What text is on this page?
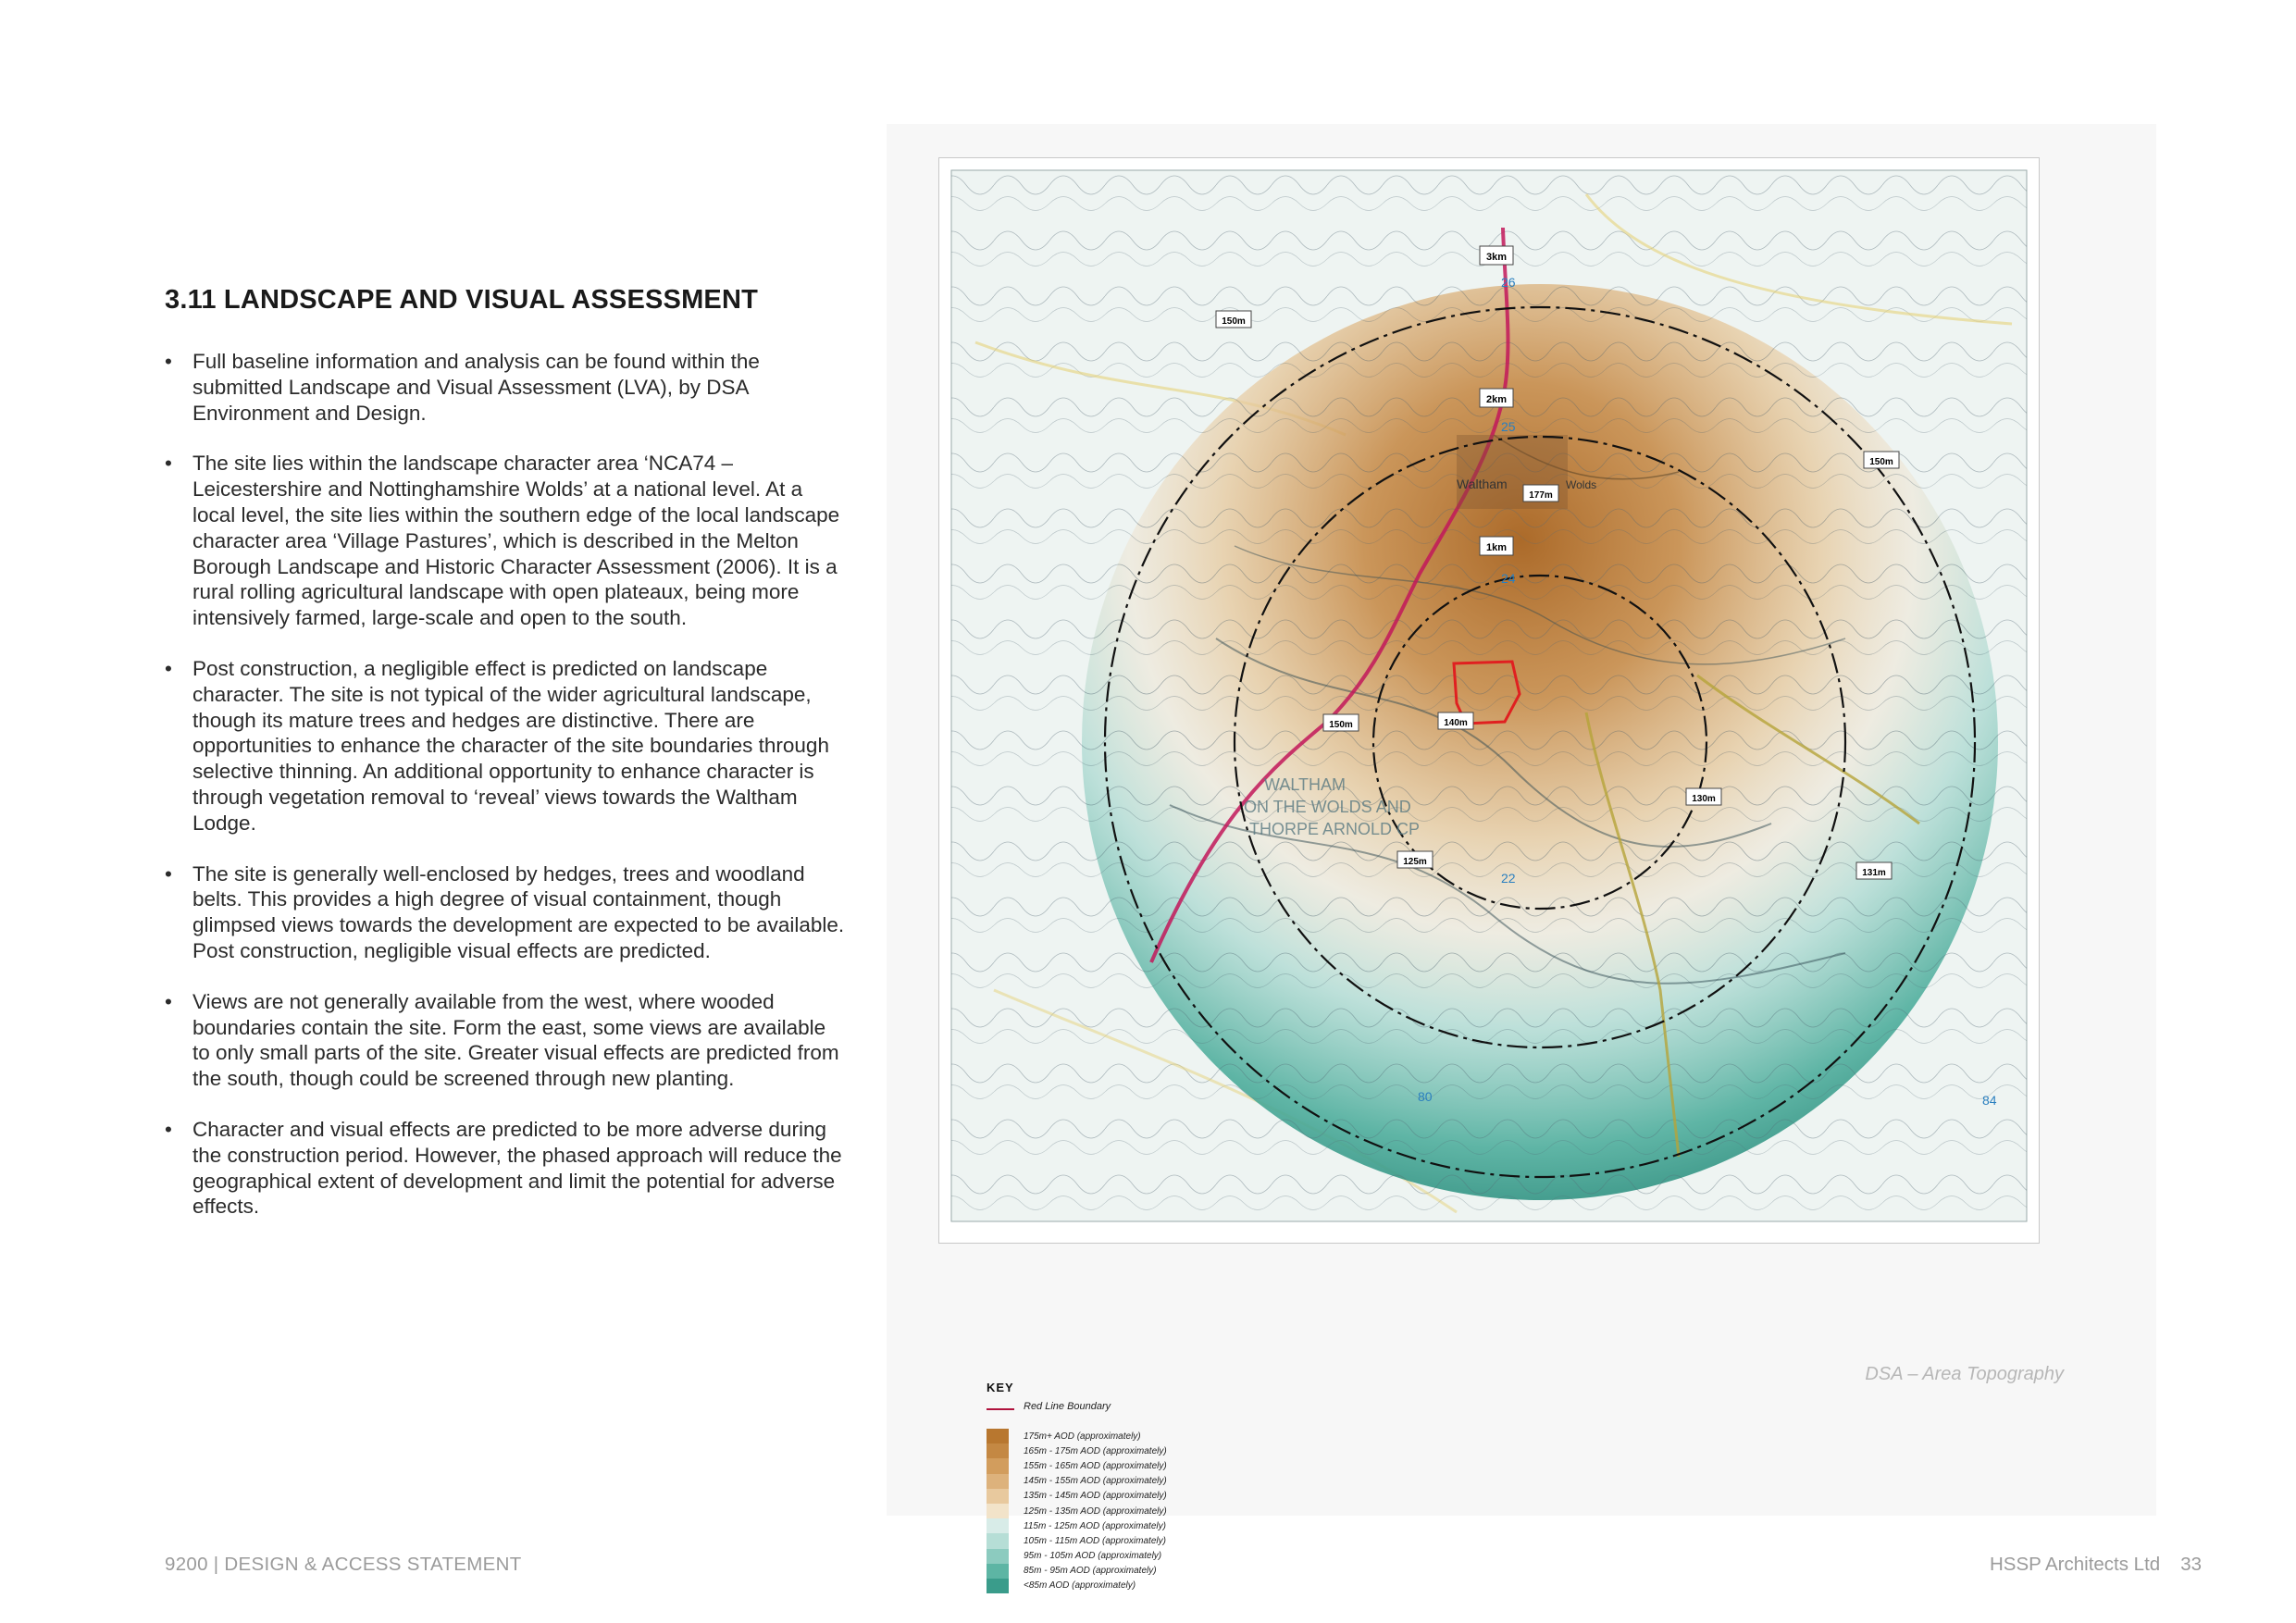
3.11 LANDSCAPE AND VISUAL ASSESSMENT
• Full baseline information and analysis can be found within the submitted Landscape and Visual Assessment (LVA), by DSA Environment and Design.
• The site lies within the landscape character area ‘NCA74 – Leicestershire and Nottinghamshire Wolds’ at a national level. At a local level, the site lies within the southern edge of the local landscape character area ‘Village Pastures’, which is described in the Melton Borough Landscape and Historic Character Assessment (2006). It is a rural rolling agricultural landscape with open plateaux, being more intensively farmed, large-scale and open to the south.
• Post construction, a negligible effect is predicted on landscape character. The site is not typical of the wider agricultural landscape, though its mature trees and hedges are distinctive. There are opportunities to enhance the character of the site boundaries through selective thinning. An additional opportunity to enhance character is through vegetation removal to ‘reveal’ views towards the Waltham Lodge.
• The site is generally well-enclosed by hedges, trees and woodland belts. This provides a high degree of visual containment, though glimpsed views towards the development are expected to be available. Post construction, negligible visual effects are predicted.
• Views are not generally available from the west, where wooded boundaries contain the site. Form the east, some views are available to only small parts of the site. Greater visual effects are predicted from the south, though could be screened through new planting.
• Character and visual effects are predicted to be more adverse during the construction period. However, the phased approach will reduce the geographical extent of development and limit the potential for adverse effects.
3km
2km
1km
150m
150m
177m
150m	140m
130m
125m
131m
Waltham	Wolds
WALTHAM
ON THE WOLDS AND
THORPE ARNOLD CP
26
25
24
22
80	84
DSA – Area Topography
KEY
Red Line Boundary
175m+ AOD (approximately)
165m - 175m AOD (approximately)
155m - 165m AOD (approximately)
145m - 155m AOD (approximately)
135m - 145m AOD (approximately)
125m - 135m AOD (approximately)
115m - 125m AOD (approximately)
105m - 115m AOD (approximately)
95m - 105m AOD (approximately)
85m - 95m AOD (approximately)
<85m AOD (approximately)
9200 | DESIGN & ACCESS STATEMENT	HSSP Architects Ltd 33
